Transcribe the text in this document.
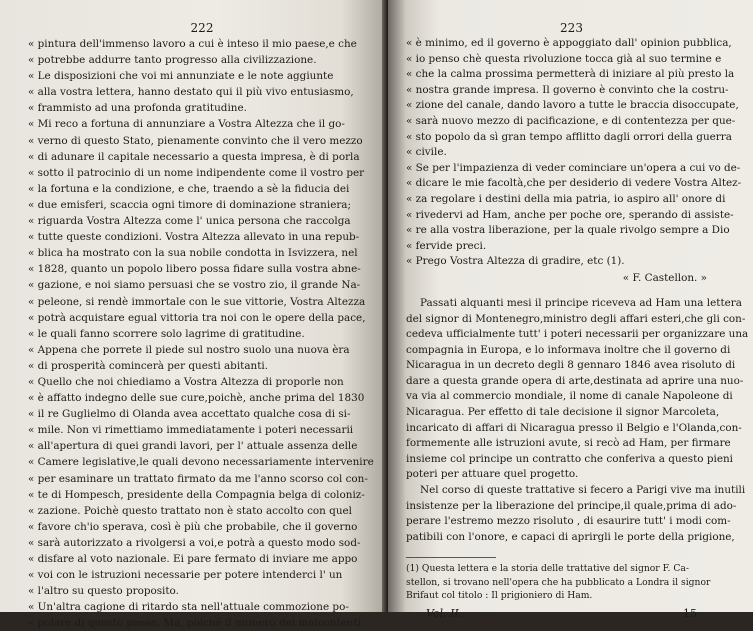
222
« pintura dell'immenso lavoro a cui è inteso il mio paese,e che
« potrebbe addurre tanto progresso alla civilizzazione.
« Le disposizioni che voi mi annunziate e le note aggiunte
« alla vostra lettera, hanno destato qui il più vivo entusiasmo,
« frammisto ad una profonda gratitudine.
« Mi reco a fortuna di annunziare a Vostra Altezza che il go-
« verno di questo Stato, pienamente convinto che il vero mezzo
« di adunare il capitale necessario a questa impresa, è di porla
« sotto il patrocinio di un nome indipendente come il vostro per
« la fortuna e la condizione, e che, traendo a sè la fiducia dei
« due emisferi, scaccia ogni timore di dominazione straniera;
« riguarda Vostra Altezza come l' unica persona che raccolga
« tutte queste condizioni. Vostra Altezza allevato in una repub-
« blica ha mostrato con la sua nobile condotta in Isvizzera, nel
« 1828, quanto un popolo libero possa fidare sulla vostra abne-
« gazione, e noi siamo persuasi che se vostro zio, il grande Na-
« peleone, si rendè immortale con le sue vittorie, Vostra Altezza
« potrà acquistare egual vittoria tra noi con le opere della pace,
« le quali fanno scorrere solo lagrime di gratitudine.
« Appena che porrete il piede sul nostro suolo una nuova èra
« di prosperità comincerà per questi abitanti.
« Quello che noi chiediamo a Vostra Altezza di proporle non
« è affatto indegno delle sue cure,poichè, anche prima del 1830
« il re Guglielmo di Olanda avea accettato qualche cosa di si-
« mile. Non vi rimettiamo immediatamente i poteri necessarii
« all'apertura di quei grandi lavori, per l' attuale assenza delle
« Camere legislative,le quali devono necessariamente intervenire
« per esaminare un trattato firmato da me l'anno scorso col con-
« te di Hompesch, presidente della Compagnia belga di coloniz-
« zazione. Poichè questo trattato non è stato accolto con quel
« favore ch'io sperava, così è più che probabile, che il governo
« sarà autorizzato a rivolgersi a voi,e potrà a questo modo sod-
« disfare al voto nazionale. Ei pare fermato di inviare me appo
« voi con le istruzioni necessarie per potere intenderci l' un
« l'altro su questo proposito.
« Un'altra cagione di ritardo sta nell'attuale commozione po-
« polare di questo paese. Ma, poichè il numero dei malcontenti
223
« è minimo, ed il governo è appoggiato dall' opinion pubblica,
« io penso chè questa rivoluzione tocca già al suo termine e
« che la calma prossima permetterà di iniziare al più presto la
« nostra grande impresa. Il governo è convinto che la costru-
« zione del canale, dando lavoro a tutte le braccia disoccupate,
« sarà nuovo mezzo di pacificazione, e di contentezza per que-
« sto popolo da sì gran tempo afflitto dagli orrori della guerra
« civile.
« Se per l'impazienza di veder cominciare un'opera a cui vo de-
« dicare le mie facoltà,che per desiderio di vedere Vostra Altez-
« za regolare i destini della mia patria, io aspiro all' onore di
« rivedervi ad Ham, anche per poche ore, sperando di assiste-
« re alla vostra liberazione, per la quale rivolgo sempre a Dio
« fervide preci.
« Prego Vostra Altezza di gradire, etc (1).
« F. Castellon. »
Passati alquanti mesi il principe riceveva ad Ham una lettera
del signor di Montenegro,ministro degli affari esteri,che gli con-
cedeva ufficialmente tutt' i poteri necessarii per organizzare una
compagnia in Europa, e lo informava inoltre che il governo di
Nicaragua in un decreto degli 8 gennaro 1846 avea risoluto di
dare a questa grande opera di arte,destinata ad aprire una nuo-
va via al commercio mondiale, il nome di canale Napoleone di
Nicaragua. Per effetto di tale decisione il signor Marcoleta,
incaricato di affari di Nicaragua presso il Belgio e l'Olanda,con-
formemente alle istruzioni avute, si recò ad Ham, per firmare
insieme col principe un contratto che conferiva a questo pieni
poteri per attuare quel progetto.
Nel corso di queste trattative si fecero a Parigi vive ma inutili
insistenze per la liberazione del principe,il quale,prima di ado-
perare l'estremo mezzo risoluto , di esaurire tutt' i modi com-
patibili con l'onore, e capaci di aprirgli le porte della prigione,
(1) Questa lettera e la storia delle trattative del signor F. Ca-
stellon, si trovano nell'opera che ha pubblicato a Londra il signor
Brifaut col titolo : Il prigioniero di Ham.
Vol. II.	15
